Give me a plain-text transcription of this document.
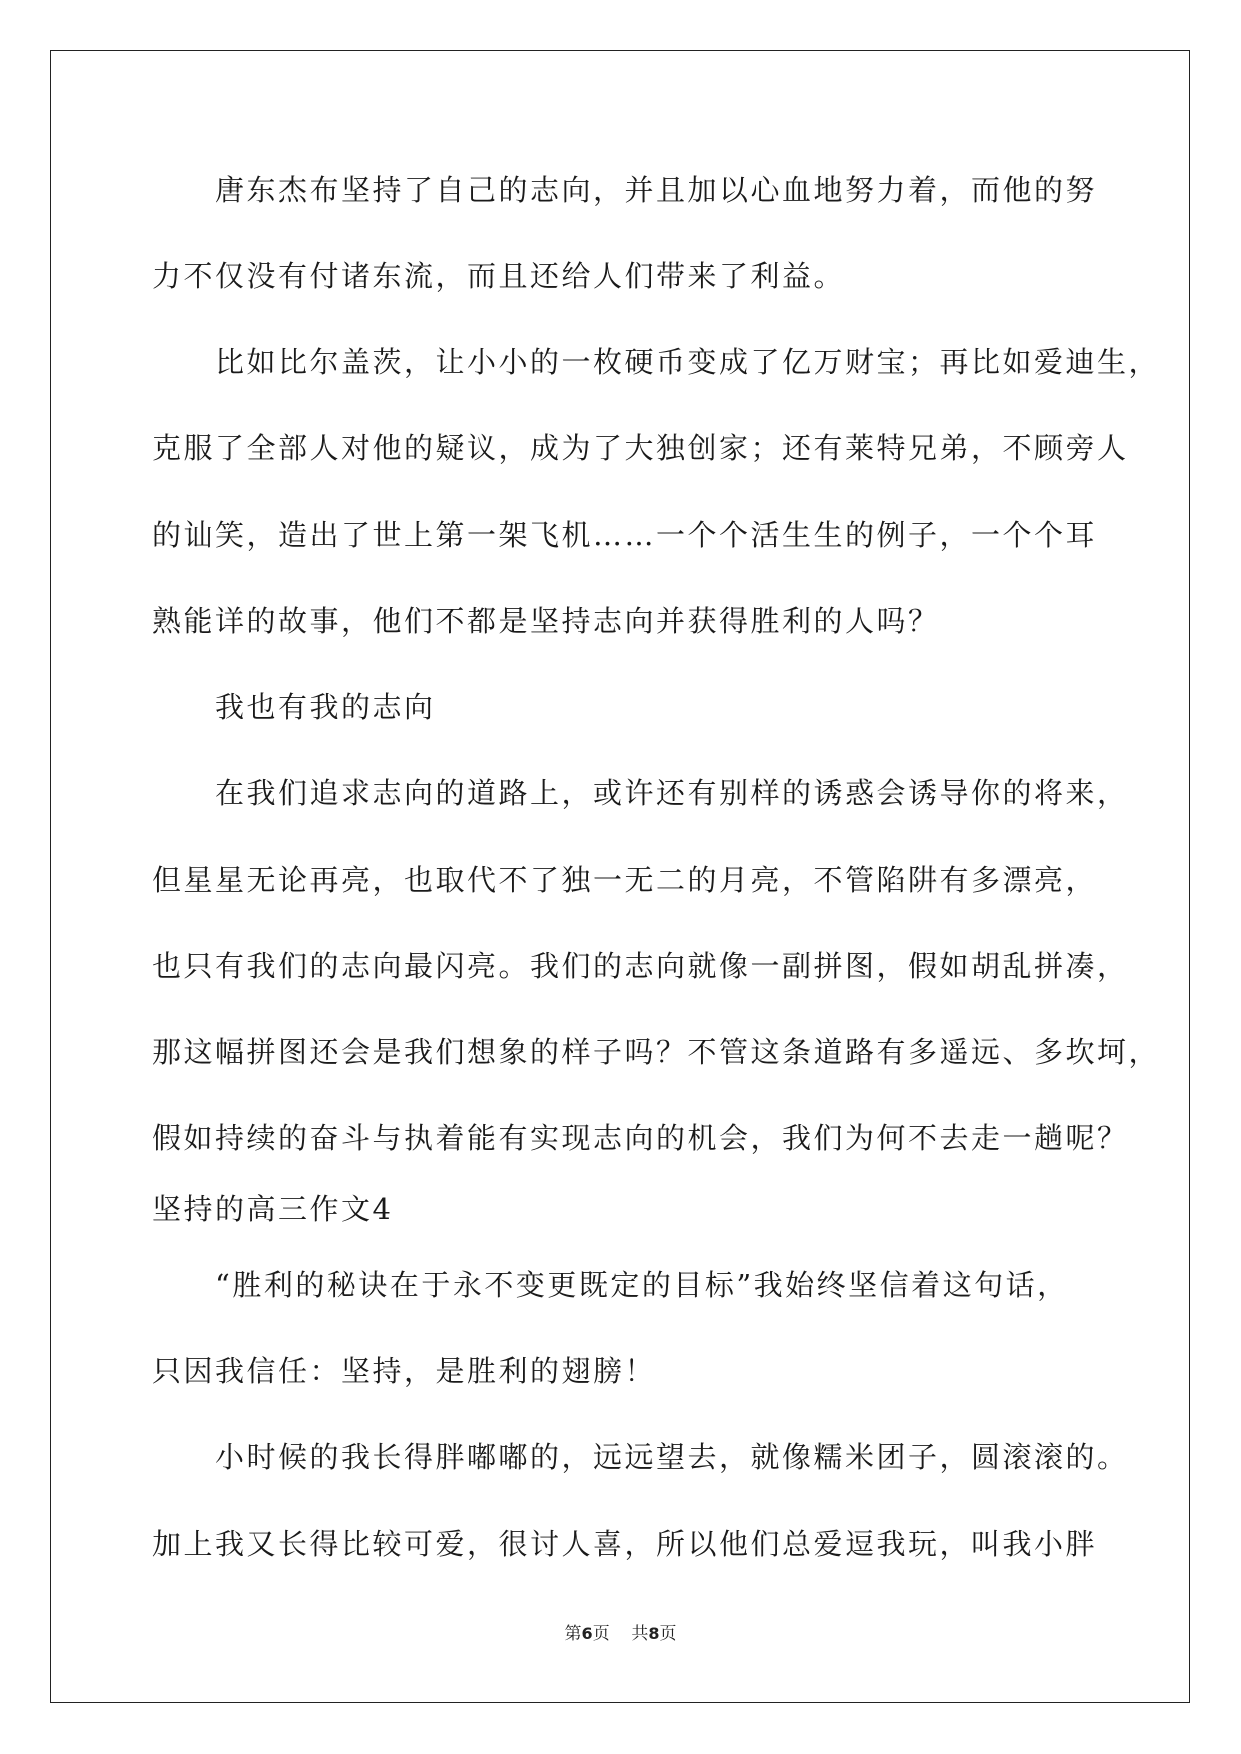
唐东杰布坚持了自己的志向，并且加以心血地努力着，而他的努
力不仅没有付诸东流，而且还给人们带来了利益。
比如比尔盖茨，让小小的一枚硬币变成了亿万财宝；再比如爱迪生，
克服了全部人对他的疑议，成为了大独创家；还有莱特兄弟，不顾旁人
的讪笑，造出了世上第一架飞机……一个个活生生的例子，一个个耳
熟能详的故事，他们不都是坚持志向并获得胜利的人吗？
我也有我的志向
在我们追求志向的道路上，或许还有别样的诱惑会诱导你的将来，
但星星无论再亮，也取代不了独一无二的月亮，不管陷阱有多漂亮，
也只有我们的志向最闪亮。我们的志向就像一副拼图，假如胡乱拼凑，
那这幅拼图还会是我们想象的样子吗？不管这条道路有多遥远、多坎坷，
假如持续的奋斗与执着能有实现志向的机会，我们为何不去走一趟呢？
坚持的高三作文4
“胜利的秘诀在于永不变更既定的目标”我始终坚信着这句话，
只因我信任：坚持，是胜利的翅膀！
小时候的我长得胖嘟嘟的，远远望去，就像糯米团子，圆滚滚的。
加上我又长得比较可爱，很讨人喜，所以他们总爱逗我玩，叫我小胖
第6页 共8页
